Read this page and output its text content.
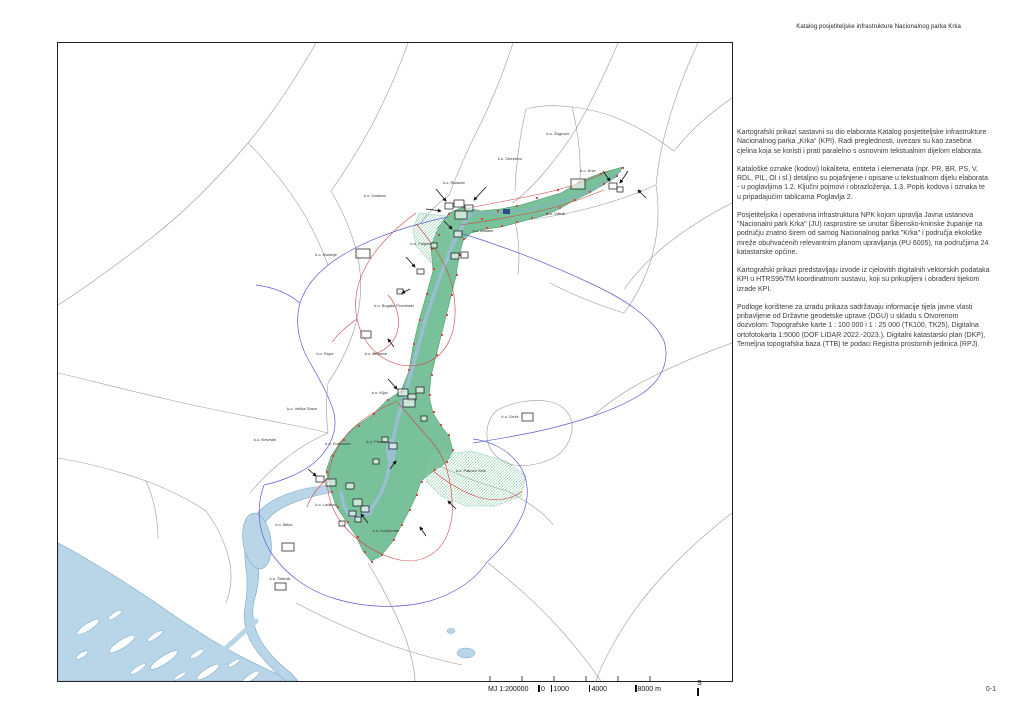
Katalog posjetiteljske infrastrukture Nacionalnog parka Krka
k.o. Žagrović
k.o. Oćestovo
k.o. Knin
k.o. Vrbnik
k.o. Radučić
k.o. Matase
k.o. Ivoševci
k.o. Kistanje
k.o. Puljane
k.o. Bogatić Prominski
k.o. Rupe	k.o. Brištane
k.o. Ključ
k.o. Velika Glava
k.o. Drniš
k.o. Pakovo Selo
k.o. Đevrske
k.o. Dubravice	k.o. Plastovo
k.o. Lađevci
k.o. Bilice
k.o. Konjevrate
k.o. Šibenik

Kartografski prikazi sastavni su dio elaborata Katalog posjetiteljske infrastrukture Nacionalnog parka „Krka“ (KPI). Radi preglednosti, uvezani su kao zasebna cjelina koja se koristi i prati paralelno s osnovnim tekstualnim dijelom elaborata.

Kataloške oznake (kodovi) lokaliteta, entiteta i elemenata (npr. PR, BR, PS, V, RDL, PIL, OI i sl.) detaljno su pojašnjene i opisane u tekstualnom dijelu elaborata - u poglavljima 1.2. Ključni pojmovi i obrazloženja, 1.3. Popis kodova i oznaka te u pripadajućim tablicama Poglavlja 2.

Posjetiteljska i operativna infrastruktura NPK kojom upravlja Javna ustanova "Nacionalni park Krka" (JU) rasprostire se unutar Šibensko-kninske županije na području znatno širem od samog Nacionalnog parka "Krka" i područja ekološke mreže obuhvaćenih relevantnim planom upravljanja (PU 6005), na područjima 24 katastarske općine.

Kartografski prikazi predstavljaju izvode iz cjelovitih digitalnih vektorskih podataka KPI u HTRS96/TM koordinatnom sustavu, koji su prikupljeni i obrađeni tijekom izrade KPI.

Podloge korištene za izradu prikaza sadržavaju informacije tijela javne vlasti pribavljene od Državne geodetske uprave (DGU) u skladu s Otvorenom dozvolom: Topografske karte 1 : 100 000 i 1 : 25 000 (TK100, TK25), Digitalna ortofotokarta 1:5000 (DOF LIDAR 2022.-2023.), Digitalni katastarski plan (DKP), Temeljna topografska baza (TTB) te podaci Registra prostornih jedinica (RPJ).

MJ 1:200000 0 1000	4000	8000 m
S
0-1
